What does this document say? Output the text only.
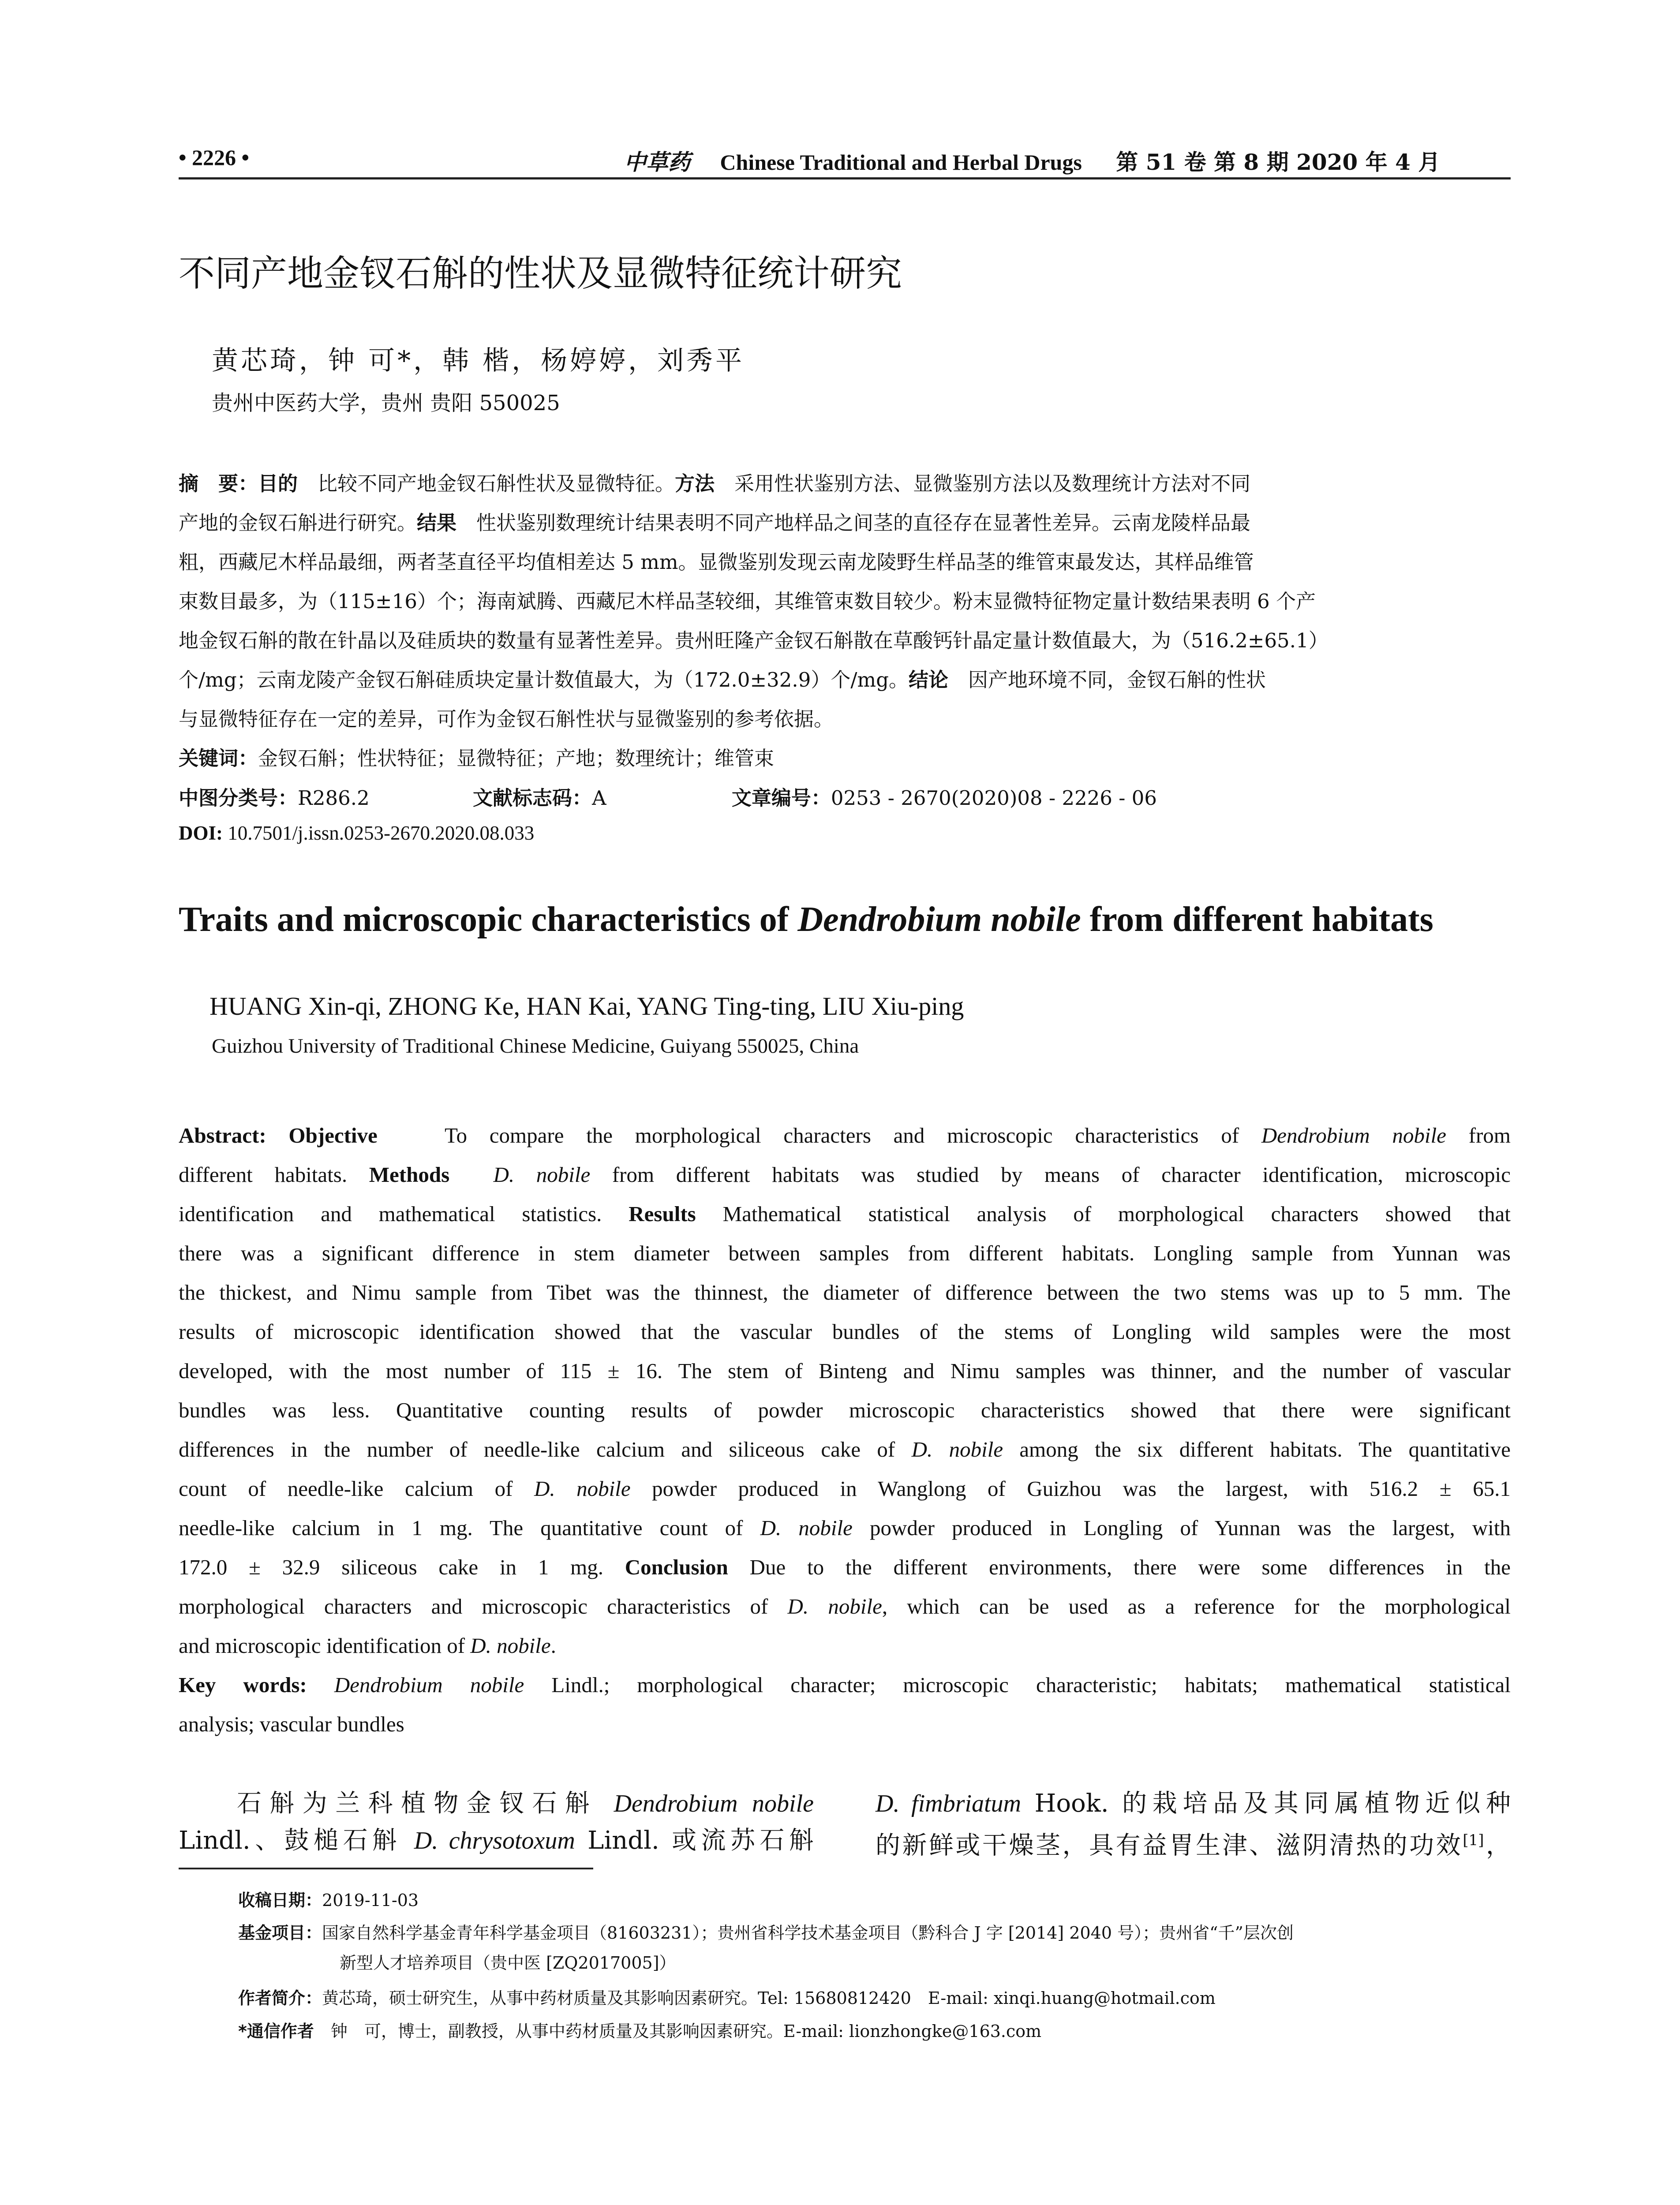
• 2226 •	中草药 Chinese Traditional and Herbal Drugs 第 51 卷 第 8 期 2020 年 4 月
不同产地金钗石斛的性状及显微特征统计研究
黄芯琦，钟 可*，韩 楷，杨婷婷，刘秀平
贵州中医药大学，贵州 贵阳 550025
摘　要：目的　 比较不同产地金钗石斛性状及显微特征。方法　 采用性状鉴别方法、显微鉴别方法以及数理统计方法对不同
产地的金钗石斛进行研究。结果　 性状鉴别数理统计结果表明不同产地样品之间茎的直径存在显著性差异。云南龙陵样品最
粗，西藏尼木样品最细，两者茎直径平均值相差达 5 mm。显微鉴别发现云南龙陵野生样品茎的维管束最发达，其样品维管
束数目最多，为（115±16）个；海南斌腾、西藏尼木样品茎较细，其维管束数目较少。粉末显微特征物定量计数结果表明 6 个产
地金钗石斛的散在针晶以及硅质块的数量有显著性差异。贵州旺隆产金钗石斛散在草酸钙针晶定量计数值最大，为（516.2±65.1）
个/mg；云南龙陵产金钗石斛硅质块定量计数值最大，为（172.0±32.9）个/mg。结论　 因产地环境不同，金钗石斛的性状
与显微特征存在一定的差异，可作为金钗石斛性状与显微鉴别的参考依据。
关键词：金钗石斛；性状特征；显微特征；产地；数理统计；维管束
中图分类号：R286.2	文献标志码：A	文章编号：0253 - 2670(2020)08 - 2226 - 06
DOI: 10.7501/j.issn.0253-2670.2020.08.033
Traits and microscopic characteristics of Dendrobium nobile from different habitats
HUANG Xin-qi, ZHONG Ke, HAN Kai, YANG Ting-ting, LIU Xiu-ping
Guizhou University of Traditional Chinese Medicine, Guiyang 550025, China
Abstract: Objective	To compare the morphological characters and microscopic characteristics of Dendrobium nobile from
different habitats. Methods D. nobile from different habitats was studied by means of character identification, microscopic
identification and mathematical statistics. Results Mathematical statistical analysis of morphological characters showed that
there was a significant difference in stem diameter between samples from different habitats. Longling sample from Yunnan was
the thickest, and Nimu sample from Tibet was the thinnest, the diameter of difference between the two stems was up to 5 mm. The
results of microscopic identification showed that the vascular bundles of the stems of Longling wild samples were the most
developed, with the most number of 115 ± 16. The stem of Binteng and Nimu samples was thinner, and the number of vascular
bundles was less. Quantitative counting results of powder microscopic characteristics showed that there were significant
differences in the number of needle-like calcium and siliceous cake of D. nobile among the six different habitats. The quantitative
count of needle-like calcium of D. nobile powder produced in Wanglong of Guizhou was the largest, with 516.2 ± 65.1
needle-like calcium in 1 mg. The quantitative count of D. nobile powder produced in Longling of Yunnan was the largest, with
172.0 ± 32.9 siliceous cake in 1 mg. Conclusion Due to the different environments, there were some differences in the
morphological characters and microscopic characteristics of D. nobile, which can be used as a reference for the morphological
and microscopic identification of D. nobile.
Key words: Dendrobium nobile Lindl.; morphological character; microscopic characteristic; habitats; mathematical statistical
analysis; vascular bundles
石斛为兰科植物金钗石斛 Dendrobium nobile
Lindl.、鼓槌石斛 D. chrysotoxum Lindl. 或流苏石斛
D. fimbriatum Hook. 的栽培品及其同属植物近似种
的新鲜或干燥茎，具有益胃生津、滋阴清热的功效[1]，
收稿日期：2019-11-03
基金项目：国家自然科学基金青年科学基金项目（81603231）；贵州省科学技术基金项目（黔科合 J 字 [2014] 2040 号）；贵州省“千”层次创
新型人才培养项目（贵中医 [ZQ2017005]）
作者简介：黄芯琦，硕士研究生，从事中药材质量及其影响因素研究。Tel: 15680812420　E-mail: xinqi.huang@hotmail.com
*通信作者　 钟　可，博士，副教授，从事中药材质量及其影响因素研究。E-mail: lionzhongke@163.com
